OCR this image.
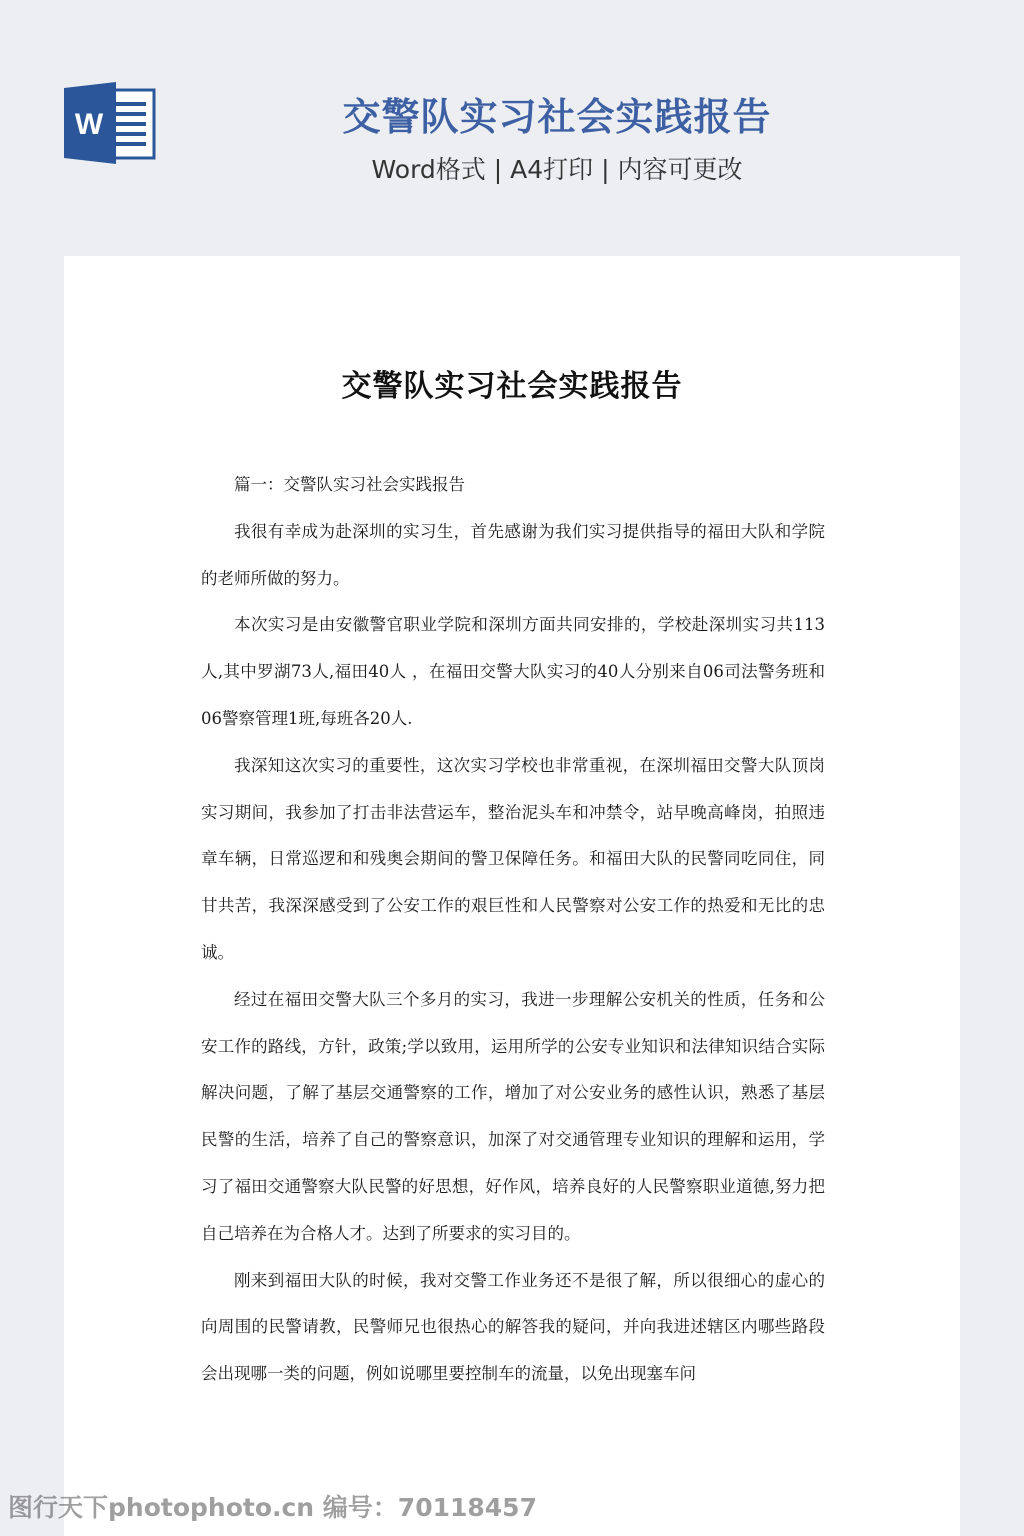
W	交警队实习社会实践报告
Word格式 | A4打印 | 内容可更改
交警队实习社会实践报告

篇一：交警队实习社会实践报告

我很有幸成为赴深圳的实习生，首先感谢为我们实习提供指导的福田大队和学院的老师所做的努力。

本次实习是由安徽警官职业学院和深圳方面共同安排的，学校赴深圳实习共113人,其中罗湖73人,福田40人 ，在福田交警大队实习的40人分别来自06司法警务班和06警察管理1班,每班各20人.

我深知这次实习的重要性，这次实习学校也非常重视，在深圳福田交警大队顶岗实习期间，我参加了打击非法营运车，整治泥头车和冲禁令，站早晚高峰岗，拍照违章车辆，日常巡逻和和残奥会期间的警卫保障任务。和福田大队的民警同吃同住，同甘共苦，我深深感受到了公安工作的艰巨性和人民警察对公安工作的热爱和无比的忠诚。

经过在福田交警大队三个多月的实习，我进一步理解公安机关的性质，任务和公安工作的路线，方针，政策;学以致用，运用所学的公安专业知识和法律知识结合实际解决问题，了解了基层交通警察的工作，增加了对公安业务的感性认识，熟悉了基层民警的生活，培养了自己的警察意识，加深了对交通管理专业知识的理解和运用，学习了福田交通警察大队民警的好思想，好作风，培养良好的人民警察职业道德,努力把自己培养在为合格人才。达到了所要求的实习目的。

刚来到福田大队的时候，我对交警工作业务还不是很了解，所以很细心的虚心的向周围的民警请教，民警师兄也很热心的解答我的疑问，并向我进述辖区内哪些路段会出现哪一类的问题，例如说哪里要控制车的流量，以免出现塞车问

图行天下photophoto.cn 编号：70118457
